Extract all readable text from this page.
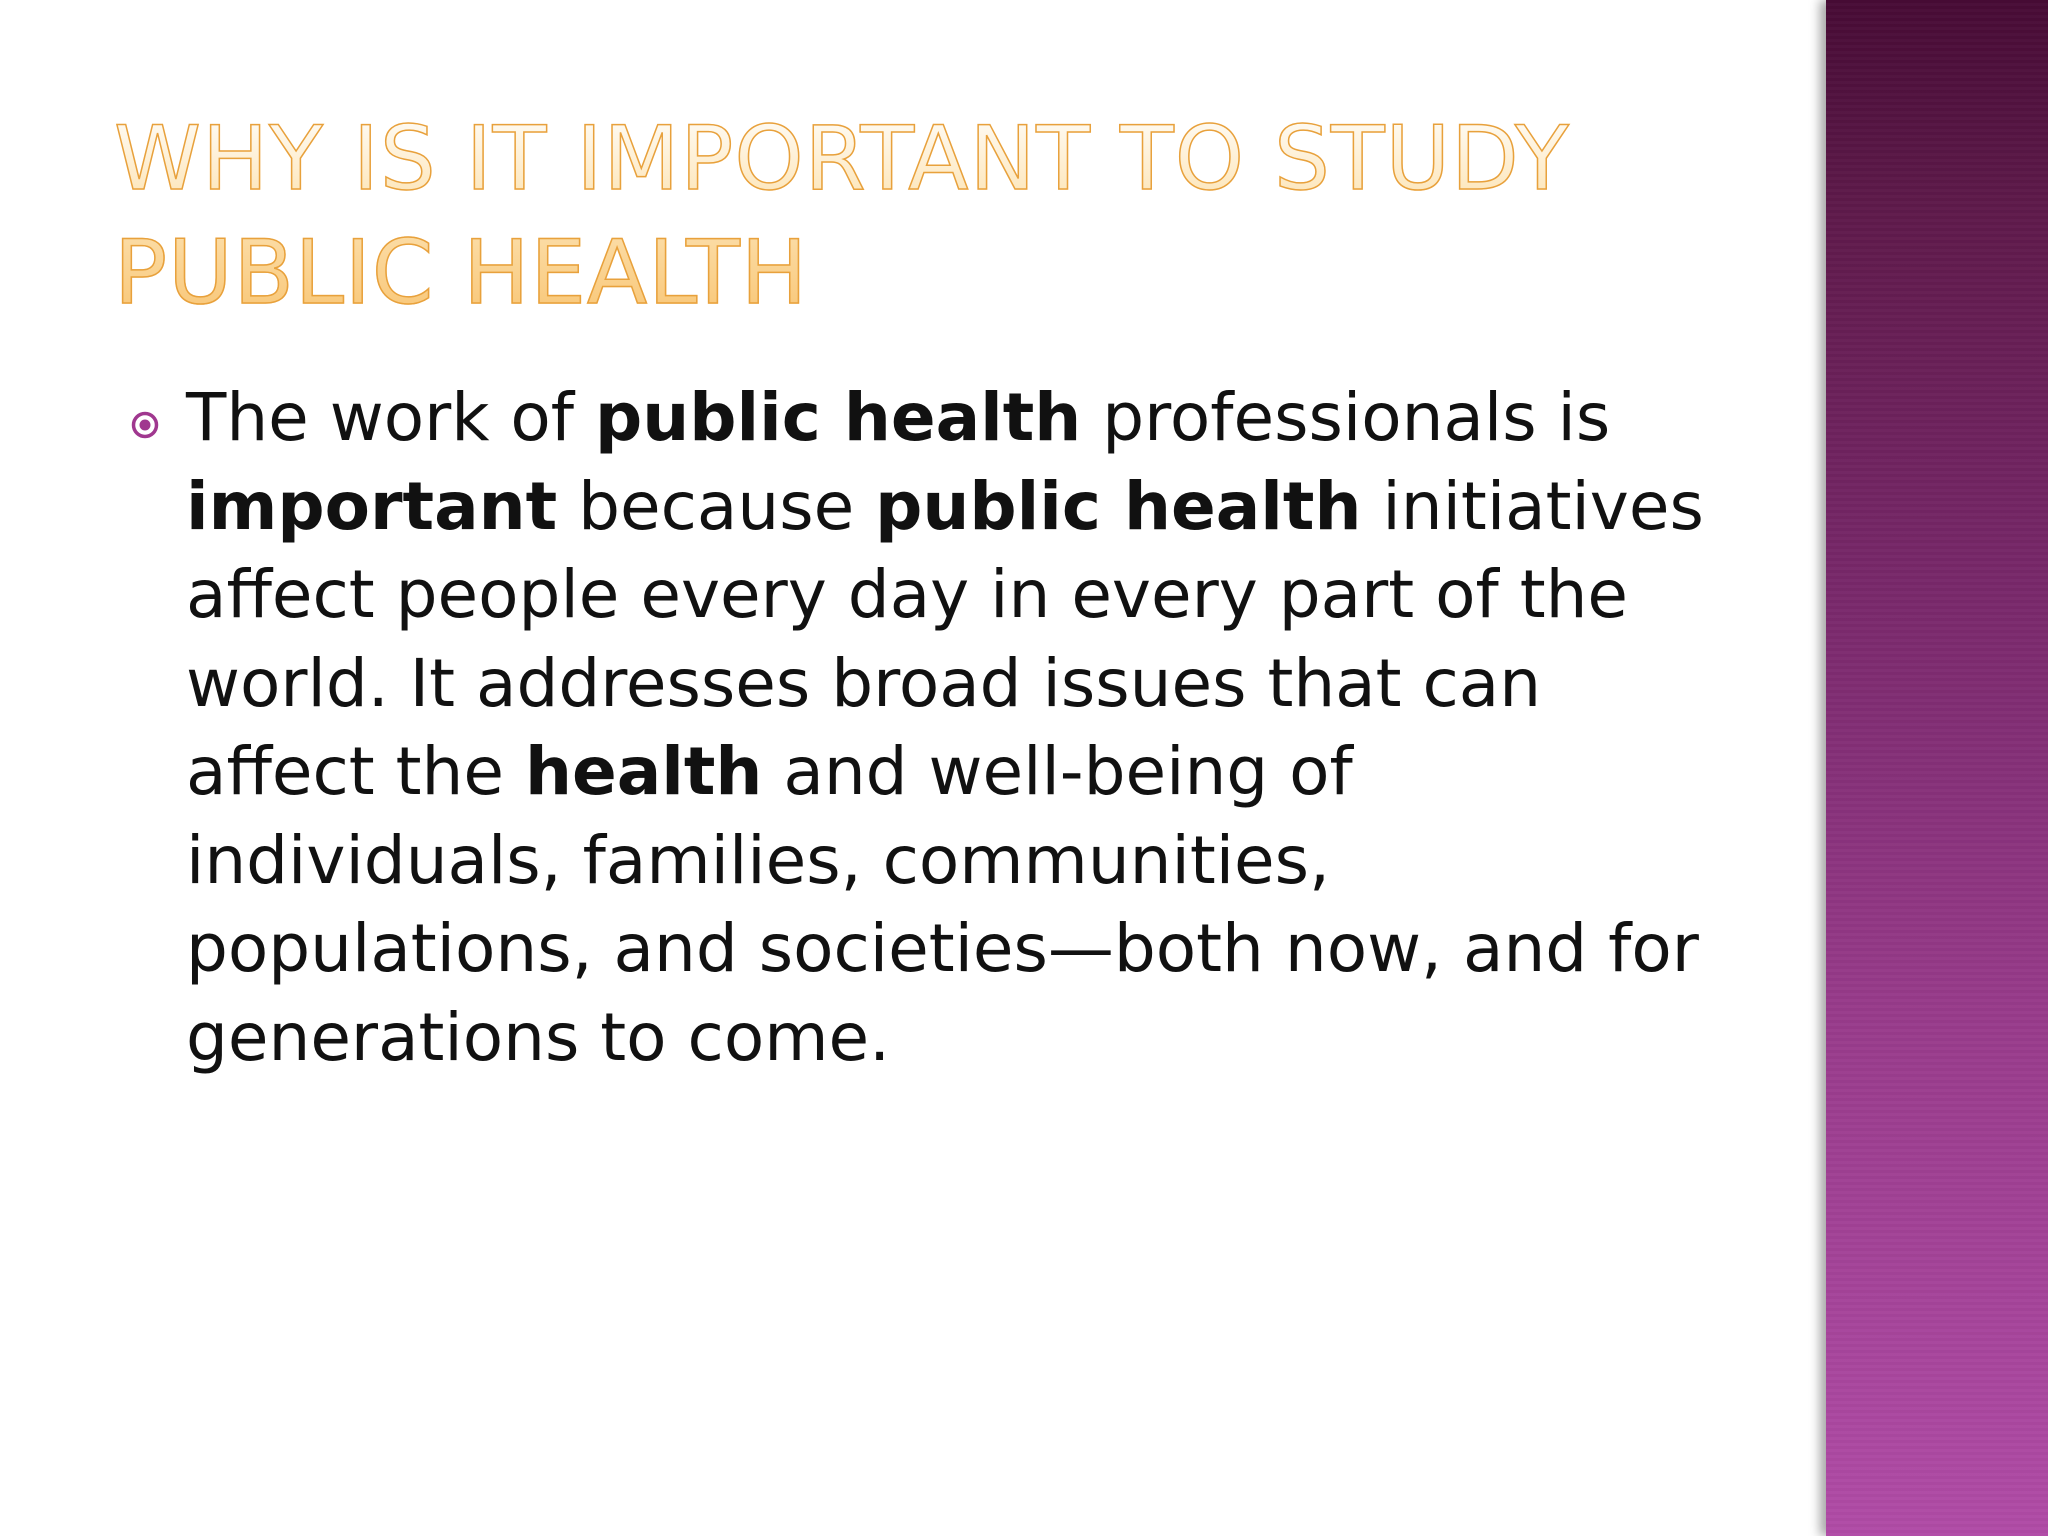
WHY IS IT IMPORTANT TO STUDY PUBLIC HEALTH

The work of public health professionals is important because public health initiatives affect people every day in every part of the world. It addresses broad issues that can affect the health and well-being of individuals, families, communities, populations, and societies—both now, and for generations to come.
